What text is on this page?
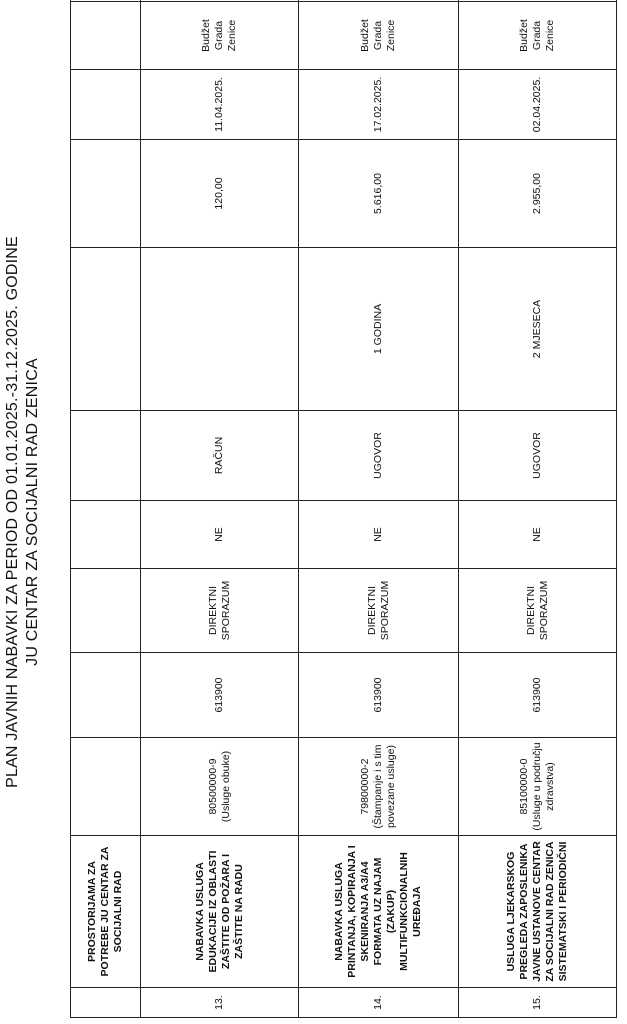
PLAN JAVNIH NABAVKI ZA PERIOD OD 01.01.2025.-31.12.2025. GODINE JU CENTAR ZA SOCIJALNI RAD ZENICA
	PROSTORIJAMA ZA POTREBE JU CENTAR ZA SOCIJALNI RAD										
13.	NABAVKA USLUGA EDUKACIJE IZ OBLASTI ZAŠTITE OD POŽARA I ZAŠTITE NA RADU	80500000-9 (Usluge obuke)	613900	DIREKTNI SPORAZUM	NE	RAČUN		120,00	11.04.2025.	Budžet Grada Zenice	
14.	NABAVKA USLUGA PRINTANJA, KOPIRANJA I SKENIRANJA A3/A4 FORMATA UZ NAJAM (ZAKUP) MULTIFUNKCIONALNIH UREĐAJA	79800000-2 (Štampanje i s tim povezane usluge)	613900	DIREKTNI SPORAZUM	NE	UGOVOR	1 GODINA	5.616,00	17.02.2025.	Budžet Grada Zenice	
15.	USLUGA LJEKARSKOG PREGLEDA ZAPOSLENIKA JAVNE USTANOVE CENTAR ZA SOCIJALNI RAD ZENICA SISTEMATSKI I PERIODIČNI	85100000-0 (Usluge u području zdravstva)	613900	DIREKTNI SPORAZUM	NE	UGOVOR	2 MJESECA	2.955,00	02.04.2025.	Budžet Grada Zenice	
